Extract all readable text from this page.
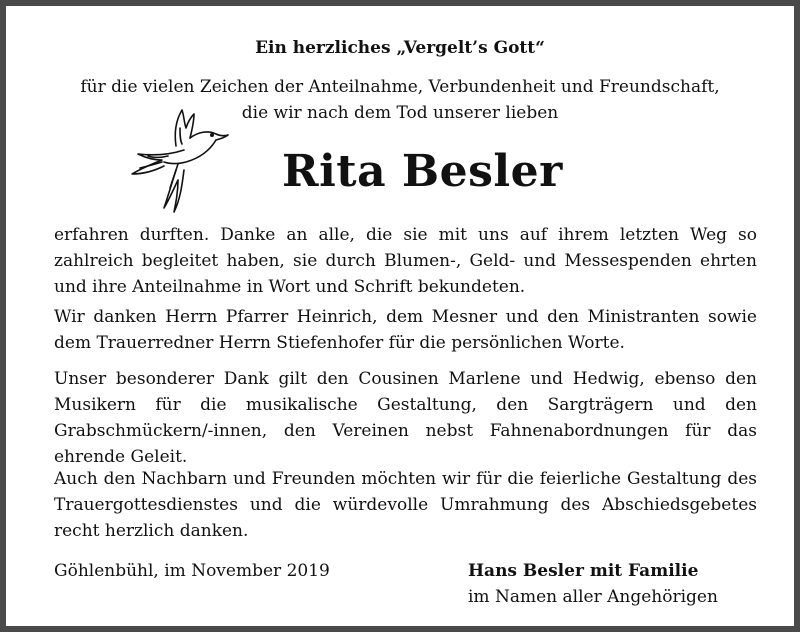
Ein herzliches „Vergelt’s Gott“
für die vielen Zeichen der Anteilnahme, Verbundenheit und Freundschaft,
die wir nach dem Tod unserer lieben
Rita Besler

erfahren durften. Danke an alle, die sie mit uns auf ihrem letzten Weg so zahlreich begleitet haben, sie durch Blumen-, Geld- und Messespenden ehrten und ihre Anteilnahme in Wort und Schrift bekundeten.

Wir danken Herrn Pfarrer Heinrich, dem Mesner und den Ministranten sowie dem Trauerredner Herrn Stiefenhofer für die persönlichen Worte.

Unser besonderer Dank gilt den Cousinen Marlene und Hedwig, ebenso den Musikern für die musikalische Gestaltung, den Sargträgern und den Grabschmückern/-innen, den Vereinen nebst Fahnenabordnungen für das ehrende Geleit.

Auch den Nachbarn und Freunden möchten wir für die feierliche Gestaltung des Trauergottesdienstes und die würdevolle Umrahmung des Abschiedsgebetes recht herzlich danken.

Göhlenbühl, im November 2019	Hans Besler mit Familie
im Namen aller Angehörigen
